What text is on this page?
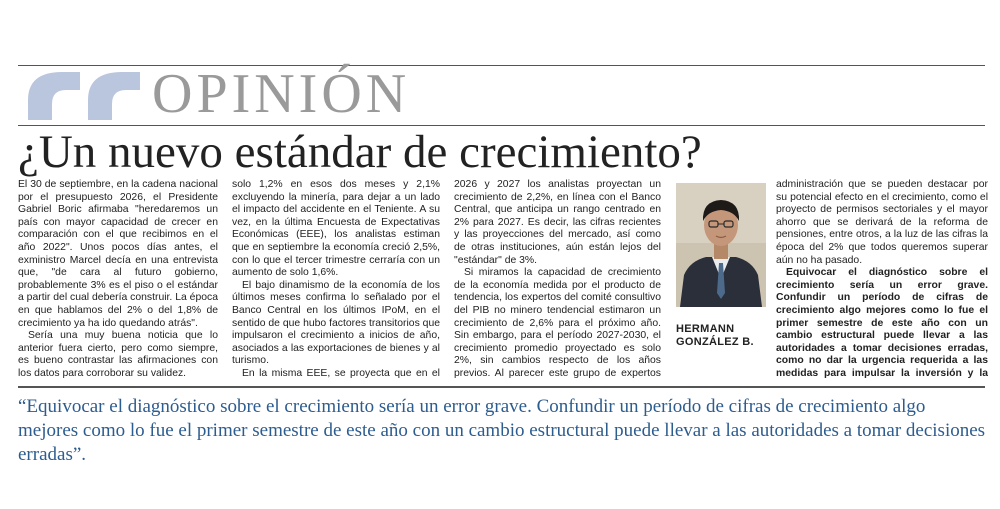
OPINIÓN
¿Un nuevo estándar de crecimiento?

El 30 de septiembre, en la cadena nacional por el presupuesto 2026, el Presidente Gabriel Boric afirmaba "heredaremos un país con mayor capacidad de crecer en comparación con el que recibimos en el año 2022". Unos pocos días antes, el exministro Marcel decía en una entrevista que, "de cara al futuro gobierno, probablemente 3% es el piso o el estándar a partir del cual debería construir. La época en que hablamos del 2% o del 1,8% de crecimiento ya ha ido quedando atrás".

Sería una muy buena noticia que lo anterior fuera cierto, pero como siempre, es bueno contrastar las afirmaciones con los datos para corroborar su validez.

solo 1,2% en esos dos meses y 2,1% excluyendo la minería, para dejar a un lado el impacto del accidente en el Teniente. A su vez, en la última Encuesta de Expectativas Económicas (EEE), los analistas estiman que en septiembre la economía creció 2,5%, con lo que el tercer trimestre cerraría con un aumento de solo 1,6%.

El bajo dinamismo de la economía de los últimos meses confirma lo señalado por el Banco Central en los últimos IPoM, en el sentido de que hubo factores transitorios que impulsaron el crecimiento a inicios de año, asociados a las exportaciones de bienes y al turismo.

En la misma EEE, se proyecta que en el

2026 y 2027 los analistas proyectan un crecimiento de 2,2%, en línea con el Banco Central, que anticipa un rango centrado en 2% para 2027. Es decir, las cifras recientes y las proyecciones del mercado, así como de otras instituciones, aún están lejos del "estándar" de 3%.

Si miramos la capacidad de crecimiento de la economía medida por el producto de tendencia, los expertos del comité consultivo del PIB no minero tendencial estimaron un crecimiento de 2,6% para el próximo año. Sin embargo, para el período 2027-2030, el crecimiento promedio proyectado es solo 2%, sin cambios respecto de los años previos. Al parecer este grupo de expertos

HERMANN
GONZÁLEZ B.

administración que se pueden destacar por su potencial efecto en el crecimiento, como el proyecto de permisos sectoriales y el mayor ahorro que se derivará de la reforma de pensiones, entre otros, a la luz de las cifras la época del 2% que todos queremos superar aún no ha pasado.

Equivocar el diagnóstico sobre el crecimiento sería un error grave. Confundir un período de cifras de crecimiento algo mejores como lo fue el primer semestre de este año con un cambio estructural puede llevar a las autoridades a tomar decisiones erradas, como no dar la urgencia requerida a las medidas para impulsar la inversión y la

“Equivocar el diagnóstico sobre el crecimiento sería un error grave. Confundir un período de cifras de crecimiento algo mejores como lo fue el primer semestre de este año con un cambio estructural puede llevar a las autoridades a tomar decisiones erradas”.
